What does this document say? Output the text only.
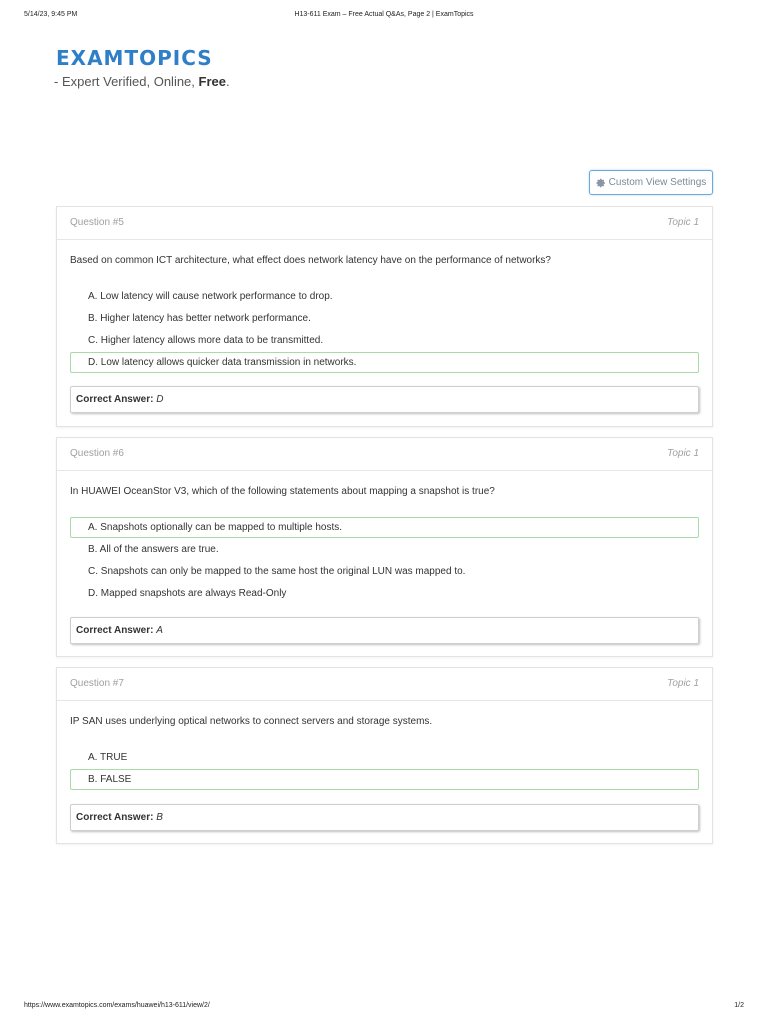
5/14/23, 9:45 PM	H13-611 Exam – Free Actual Q&As, Page 2 | ExamTopics
EXAMTOPICS
- Expert Verified, Online, Free.
Custom View Settings
Question #5	Topic 1
Based on common ICT architecture, what effect does network latency have on the performance of networks?
A. Low latency will cause network performance to drop.
B. Higher latency has better network performance.
C. Higher latency allows more data to be transmitted.
D. Low latency allows quicker data transmission in networks.
Correct Answer: D
Question #6	Topic 1
In HUAWEI OceanStor V3, which of the following statements about mapping a snapshot is true?
A. Snapshots optionally can be mapped to multiple hosts.
B. All of the answers are true.
C. Snapshots can only be mapped to the same host the original LUN was mapped to.
D. Mapped snapshots are always Read-Only
Correct Answer: A
Question #7	Topic 1
IP SAN uses underlying optical networks to connect servers and storage systems.
A. TRUE
B. FALSE
Correct Answer: B
https://www.examtopics.com/exams/huawei/h13-611/view/2/	1/2
